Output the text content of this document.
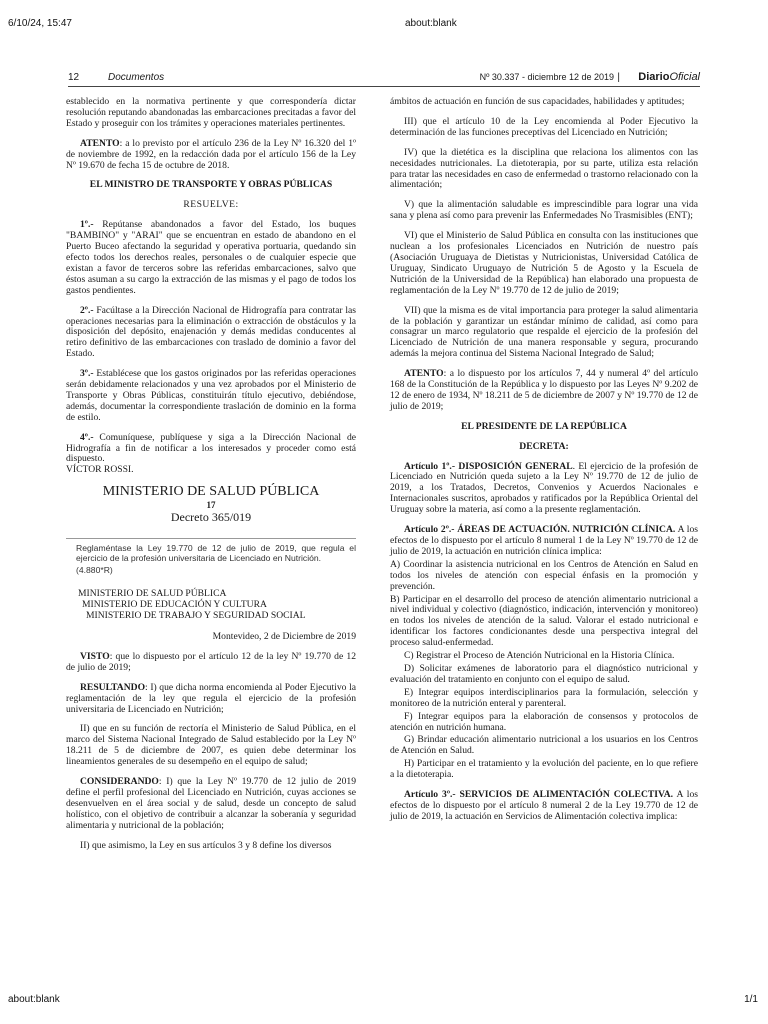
6/10/24, 15:47	about:blank
12	Documentos	Nº 30.337 - diciembre 12 de 2019 | DiarioOficial

establecido en la normativa pertinente y que correspondería dictar resolución reputando abandonadas las embarcaciones precitadas a favor del Estado y proseguir con los trámites y operaciones materiales pertinentes.

ATENTO: a lo previsto por el artículo 236 de la Ley Nº 16.320 del 1º de noviembre de 1992, en la redacción dada por el artículo 156 de la Ley Nº 19.670 de fecha 15 de octubre de 2018.

EL MINISTRO DE TRANSPORTE Y OBRAS PÚBLICAS
RESUELVE:

1º.- Repútanse abandonados a favor del Estado, los buques "BAMBINO" y "ARAI" que se encuentran en estado de abandono en el Puerto Buceo afectando la seguridad y operativa portuaria, quedando sin efecto todos los derechos reales, personales o de cualquier especie que existan a favor de terceros sobre las referidas embarcaciones, salvo que éstos asuman a su cargo la extracción de las mismas y el pago de todos los gastos pendientes.

2º.- Facúltase a la Dirección Nacional de Hidrografía para contratar las operaciones necesarias para la eliminación o extracción de obstáculos y la disposición del depósito, enajenación y demás medidas conducentes al retiro definitivo de las embarcaciones con traslado de dominio a favor del Estado.

3º.- Establécese que los gastos originados por las referidas operaciones serán debidamente relacionados y una vez aprobados por el Ministerio de Transporte y Obras Públicas, constituirán título ejecutivo, debiéndose, además, documentar la correspondiente traslación de dominio en la forma de estilo.

4º.- Comuníquese, publíquese y siga a la Dirección Nacional de Hidrografía a fin de notificar a los interesados y proceder como está dispuesto.

VÍCTOR ROSSI.
MINISTERIO DE SALUD PÚBLICA
17
Decreto 365/019
Reglaméntase la Ley 19.770 de 12 de julio de 2019, que regula el ejercicio de la profesión universitaria de Licenciado en Nutrición.
(4.880*R)
MINISTERIO DE SALUD PÚBLICA
MINISTERIO DE EDUCACIÓN Y CULTURA
MINISTERIO DE TRABAJO Y SEGURIDAD SOCIAL

Montevideo, 2 de Diciembre de 2019

VISTO: que lo dispuesto por el artículo 12 de la ley Nº 19.770 de 12 de julio de 2019;

RESULTANDO: I) que dicha norma encomienda al Poder Ejecutivo la reglamentación de la ley que regula el ejercicio de la profesión universitaria de Licenciado en Nutrición;

II) que en su función de rectoría el Ministerio de Salud Pública, en el marco del Sistema Nacional Integrado de Salud establecido por la Ley Nº 18.211 de 5 de diciembre de 2007, es quien debe determinar los lineamientos generales de su desempeño en el equipo de salud;

CONSIDERANDO: I) que la Ley Nº 19.770 de 12 julio de 2019 define el perfil profesional del Licenciado en Nutrición, cuyas acciones se desenvuelven en el área social y de salud, desde un concepto de salud holístico, con el objetivo de contribuir a alcanzar la soberanía y seguridad alimentaria y nutricional de la población;

II) que asimismo, la Ley en sus artículos 3 y 8 define los diversos

ámbitos de actuación en función de sus capacidades, habilidades y aptitudes;

III) que el artículo 10 de la Ley encomienda al Poder Ejecutivo la determinación de las funciones preceptivas del Licenciado en Nutrición;

IV) que la dietética es la disciplina que relaciona los alimentos con las necesidades nutricionales. La dietoterapia, por su parte, utiliza esta relación para tratar las necesidades en caso de enfermedad o trastorno relacionado con la alimentación;

V) que la alimentación saludable es imprescindible para lograr una vida sana y plena así como para prevenir las Enfermedades No Trasmisibles (ENT);

VI) que el Ministerio de Salud Pública en consulta con las instituciones que nuclean a los profesionales Licenciados en Nutrición de nuestro país (Asociación Uruguaya de Dietistas y Nutricionistas, Universidad Católica de Uruguay, Sindicato Uruguayo de Nutrición 5 de Agosto y la Escuela de Nutrición de la Universidad de la República) han elaborado una propuesta de reglamentación de la Ley Nº 19.770 de 12 de julio de 2019;

VII) que la misma es de vital importancia para proteger la salud alimentaria de la población y garantizar un estándar mínimo de calidad, así como para consagrar un marco regulatorio que respalde el ejercicio de la profesión del Licenciado de Nutrición de una manera responsable y segura, procurando además la mejora continua del Sistema Nacional Integrado de Salud;

ATENTO: a lo dispuesto por los artículos 7, 44 y numeral 4º del artículo 168 de la Constitución de la República y lo dispuesto por las Leyes Nº 9.202 de 12 de enero de 1934, Nº 18.211 de 5 de diciembre de 2007 y Nº 19.770 de 12 de julio de 2019;

EL PRESIDENTE DE LA REPÚBLICA
DECRETA:

Artículo 1º.- DISPOSICIÓN GENERAL. El ejercicio de la profesión de Licenciado en Nutrición queda sujeto a la Ley Nº 19.770 de 12 de julio de 2019, a los Tratados, Decretos, Convenios y Acuerdos Nacionales e Internacionales suscritos, aprobados y ratificados por la República Oriental del Uruguay sobre la materia, así como a la presente reglamentación.

Artículo 2º.- ÁREAS DE ACTUACIÓN. NUTRICIÓN CLÍNICA. A los efectos de lo dispuesto por el artículo 8 numeral 1 de la Ley Nº 19.770 de 12 de julio de 2019, la actuación en nutrición clínica implica:

A) Coordinar la asistencia nutricional en los Centros de Atención en Salud en todos los niveles de atención con especial énfasis en la promoción y prevención.

B) Participar en el desarrollo del proceso de atención alimentario nutricional a nivel individual y colectivo (diagnóstico, indicación, intervención y monitoreo) en todos los niveles de atención de la salud. Valorar el estado nutricional e identificar los factores condicionantes desde una perspectiva integral del proceso salud-enfermedad.

C) Registrar el Proceso de Atención Nutricional en la Historia Clínica.

D) Solicitar exámenes de laboratorio para el diagnóstico nutricional y evaluación del tratamiento en conjunto con el equipo de salud.

E) Integrar equipos interdisciplinarios para la formulación, selección y monitoreo de la nutrición enteral y parenteral.

F) Integrar equipos para la elaboración de consensos y protocolos de atención en nutrición humana.

G) Brindar educación alimentario nutricional a los usuarios en los Centros de Atención en Salud.

H) Participar en el tratamiento y la evolución del paciente, en lo que refiere a la dietoterapia.

Artículo 3º.- SERVICIOS DE ALIMENTACIÓN COLECTIVA. A los efectos de lo dispuesto por el artículo 8 numeral 2 de la Ley 19.770 de 12 de julio de 2019, la actuación en Servicios de Alimentación colectiva implica:

about:blank	1/1
